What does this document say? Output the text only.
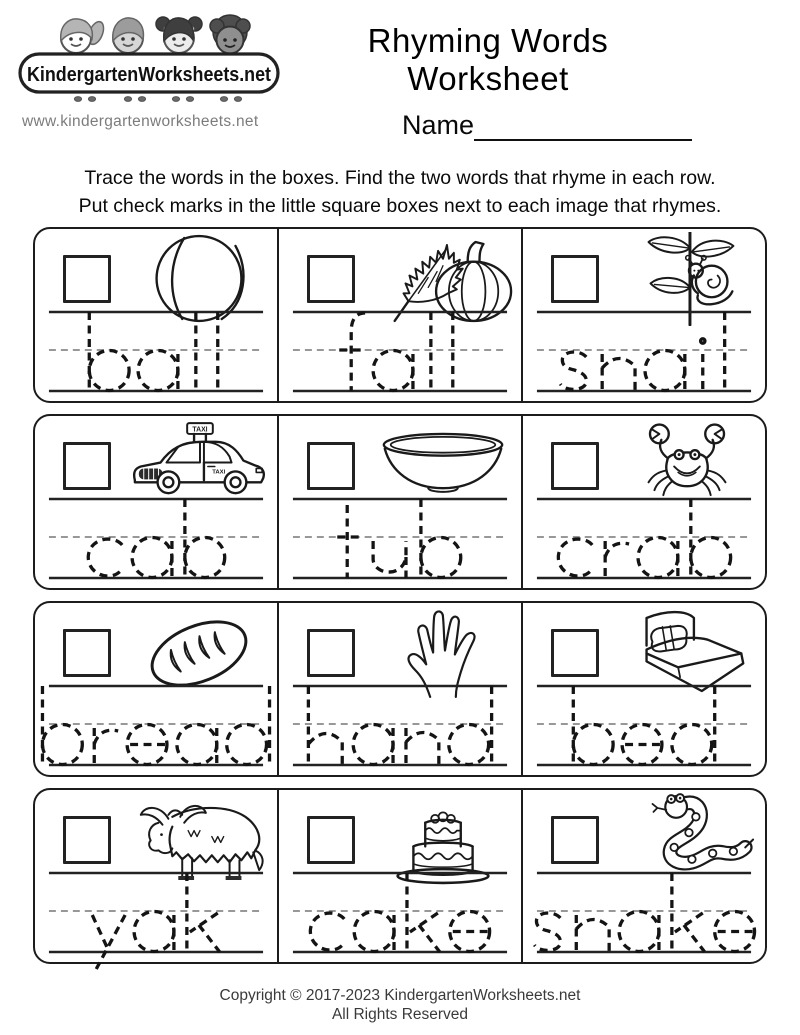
KindergartenWorksheets.net
www.kindergartenworksheets.net
Rhyming Words Worksheet
Name
Trace the words in the boxes. Find the two words that rhyme in each row.
Put check marks in the little square boxes next to each image that rhymes.
TAXI
TAXI
Copyright © 2017-2023 KindergartenWorksheets.net
All Rights Reserved
